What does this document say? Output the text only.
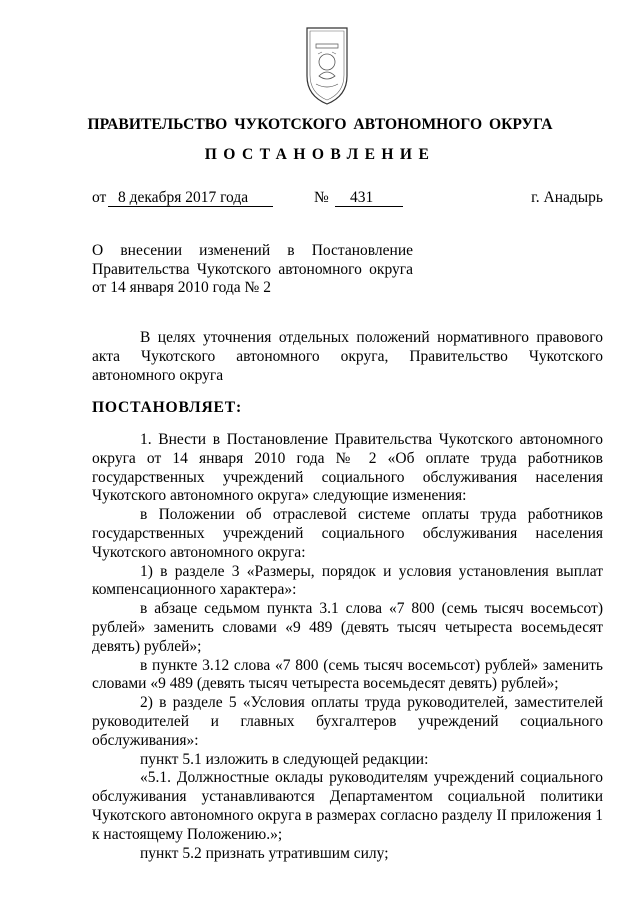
ПРАВИТЕЛЬСТВО ЧУКОТСКОГО АВТОНОМНОГО ОКРУГА
ПОСТАНОВЛЕНИЕ
от 8 декабря 2017 года	№ 431	г. Анадырь
О внесении изменений в Постановление
Правительства Чукотского автономного округа
от 14 января 2010 года № 2
В целях уточнения отдельных положений нормативного правового акта Чукотского автономного округа, Правительство Чукотского автономного округа
ПОСТАНОВЛЯЕТ:

1. Внести в Постановление Правительства Чукотского автономного округа от 14 января 2010 года № 2 «Об оплате труда работников государственных учреждений социального обслуживания населения Чукотского автономного округа» следующие изменения:

в Положении об отраслевой системе оплаты труда работников государственных учреждений социального обслуживания населения Чукотского автономного округа:

1) в разделе 3 «Размеры, порядок и условия установления выплат компенсационного характера»:

в абзаце седьмом пункта 3.1 слова «7 800 (семь тысяч восемьсот) рублей» заменить словами «9 489 (девять тысяч четыреста восемьдесят девять) рублей»;

в пункте 3.12 слова «7 800 (семь тысяч восемьсот) рублей» заменить словами «9 489 (девять тысяч четыреста восемьдесят девять) рублей»;

2) в разделе 5 «Условия оплаты труда руководителей, заместителей руководителей и главных бухгалтеров учреждений социального обслуживания»:

пункт 5.1 изложить в следующей редакции:

«5.1. Должностные оклады руководителям учреждений социального обслуживания устанавливаются Департаментом социальной политики Чукотского автономного округа в размерах согласно разделу II приложения 1 к настоящему Положению.»;

пункт 5.2 признать утратившим силу;
